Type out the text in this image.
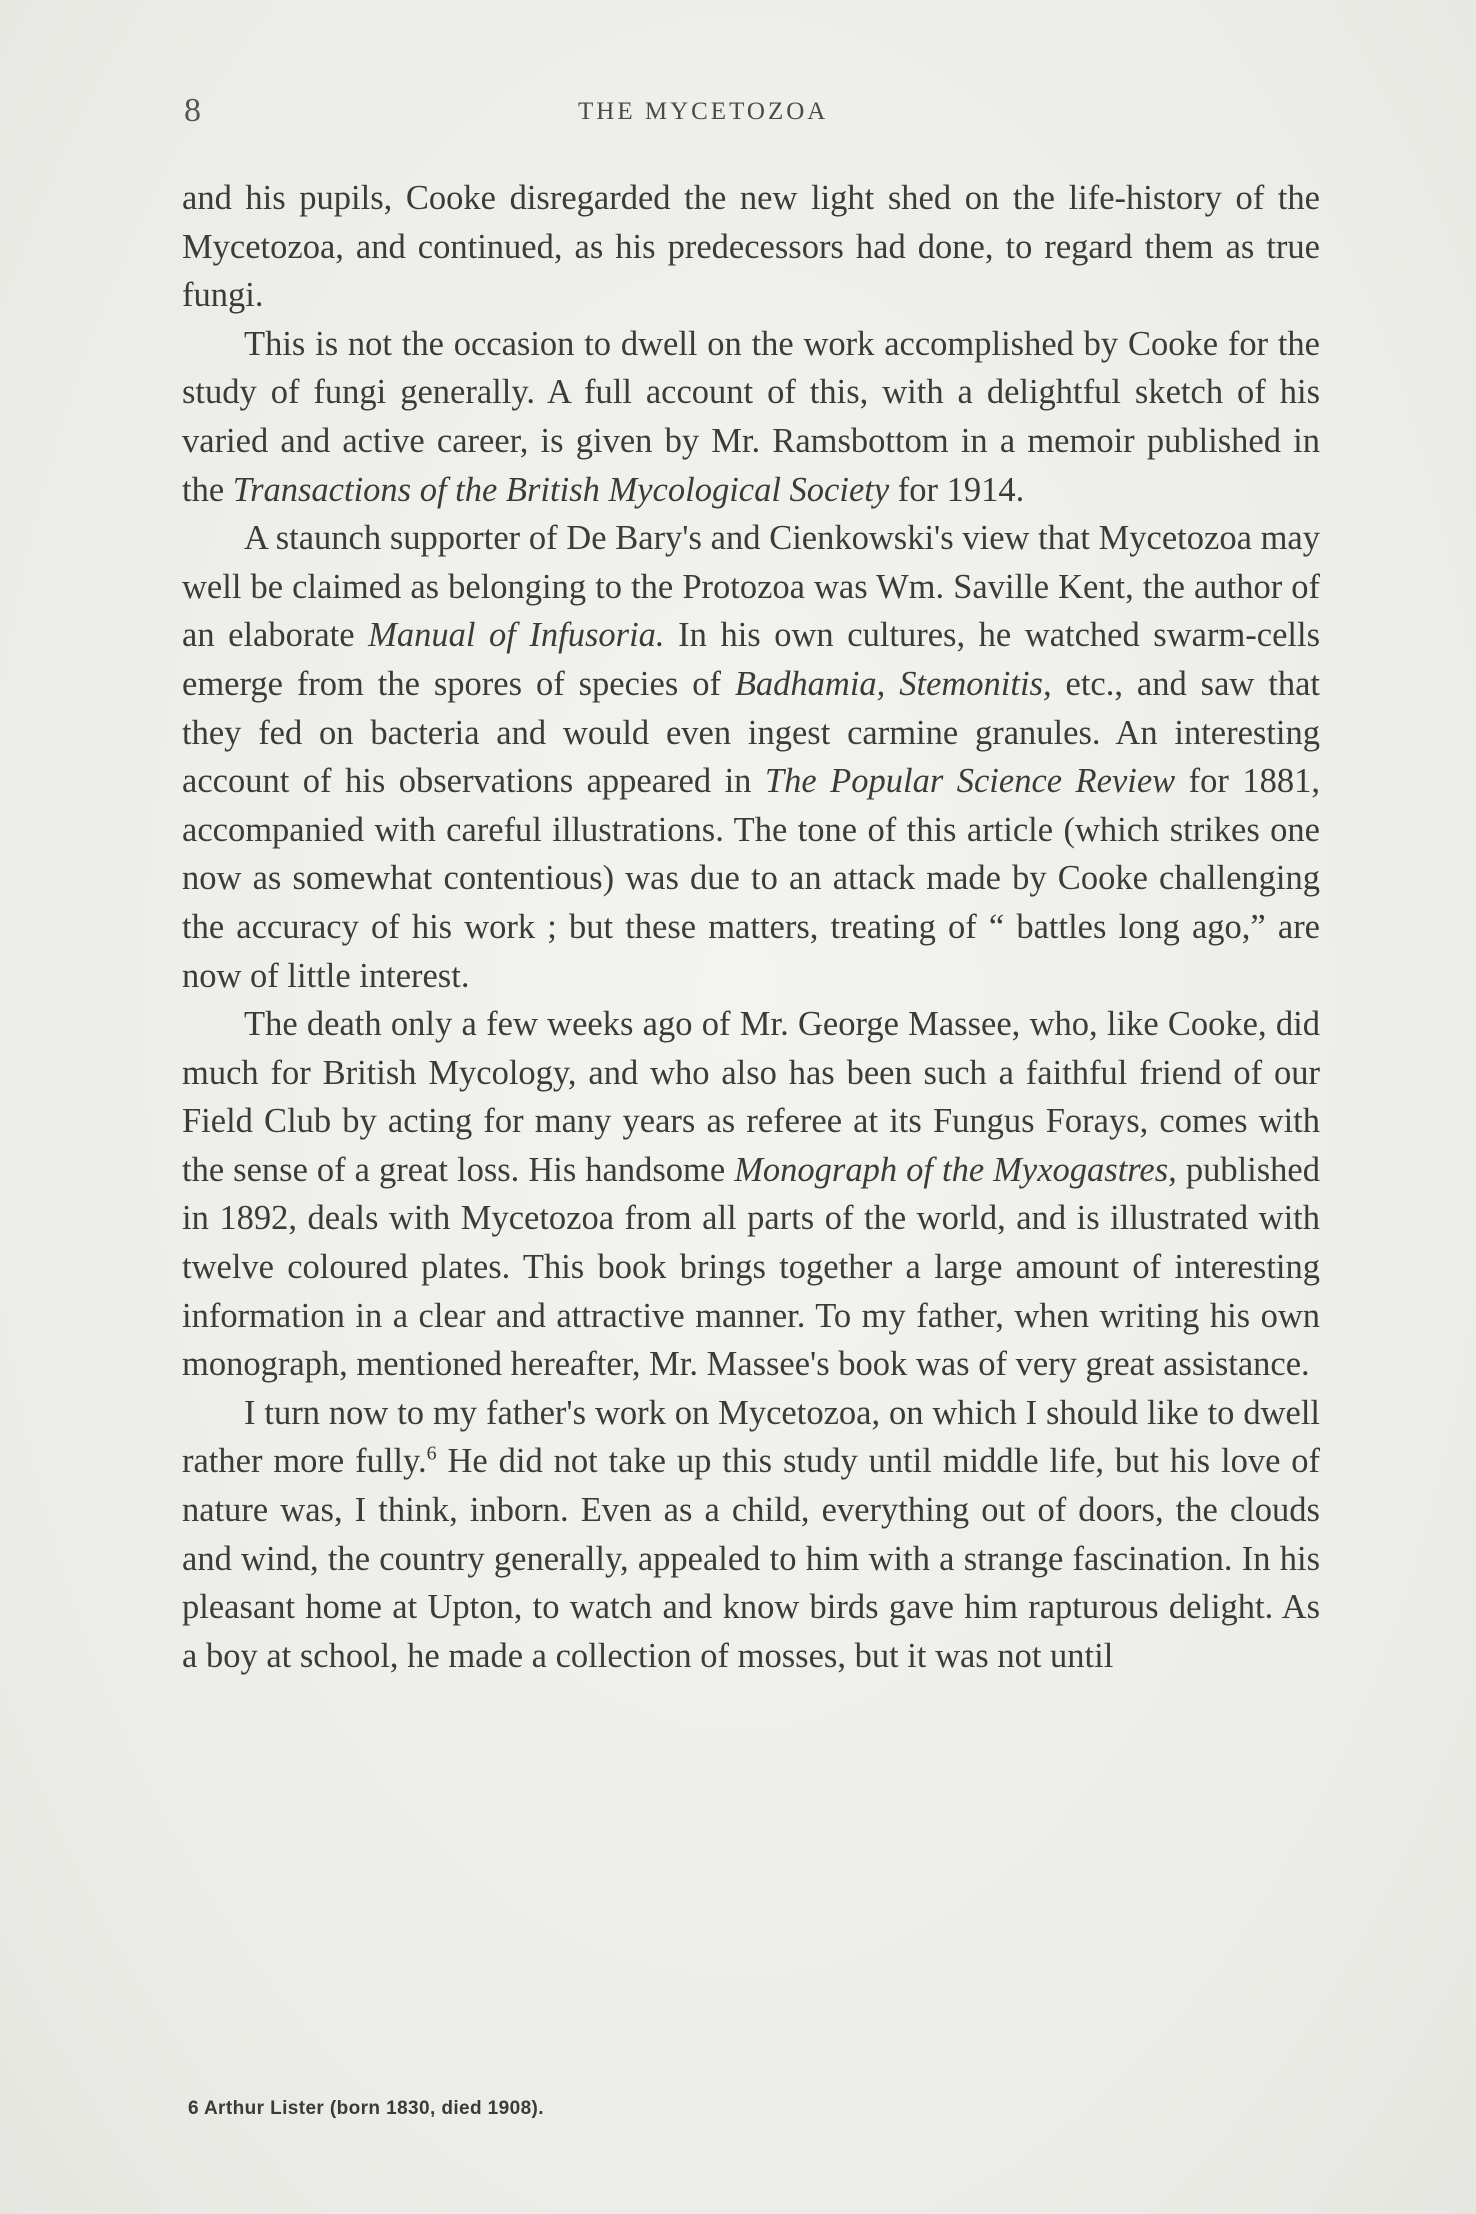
8	THE MYCETOZOA

and his pupils, Cooke disregarded the new light shed on the life-history of the Mycetozoa, and continued, as his predecessors had done, to regard them as true fungi.

This is not the occasion to dwell on the work accomplished by Cooke for the study of fungi generally. A full account of this, with a delightful sketch of his varied and active career, is given by Mr. Ramsbottom in a memoir published in the Transactions of the British Mycological Society for 1914.

A staunch supporter of De Bary's and Cienkowski's view that Mycetozoa may well be claimed as belonging to the Protozoa was Wm. Saville Kent, the author of an elaborate Manual of Infusoria. In his own cultures, he watched swarm-cells emerge from the spores of species of Badhamia, Stemonitis, etc., and saw that they fed on bacteria and would even ingest carmine granules. An interesting account of his observations appeared in The Popular Science Review for 1881, accompanied with careful illustrations. The tone of this article (which strikes one now as somewhat contentious) was due to an attack made by Cooke challenging the accuracy of his work ; but these matters, treating of “ battles long ago,” are now of little interest.

The death only a few weeks ago of Mr. George Massee, who, like Cooke, did much for British Mycology, and who also has been such a faithful friend of our Field Club by acting for many years as referee at its Fungus Forays, comes with the sense of a great loss. His handsome Monograph of the Myxogastres, published in 1892, deals with Mycetozoa from all parts of the world, and is illustrated with twelve coloured plates. This book brings together a large amount of interesting information in a clear and attractive manner. To my father, when writing his own monograph, mentioned hereafter, Mr. Massee's book was of very great assistance.

I turn now to my father's work on Mycetozoa, on which I should like to dwell rather more fully.$^6$ He did not take up this study until middle life, but his love of nature was, I think, inborn. Even as a child, everything out of doors, the clouds and wind, the country generally, appealed to him with a strange fascination. In his pleasant home at Upton, to watch and know birds gave him rapturous delight. As a boy at school, he made a collection of mosses, but it was not until

6 Arthur Lister (born 1830, died 1908).
